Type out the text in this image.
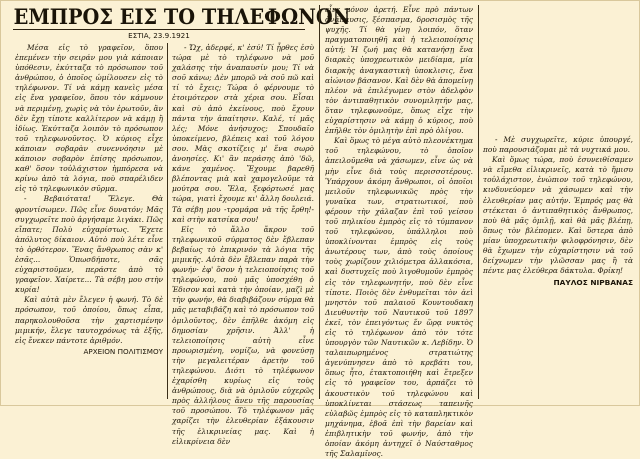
ΕΜΠΡΟΣ ΕΙΣ ΤΟ ΤΗΛΕΦΩΝΟΝ
ΕΣΤΙΑ, 23.9.1921

Μέσα εἰς τὸ γραφεῖον, ὅπου ἐπεμένεν τὴν σειράν μου γιὰ κάποιαν ὑπόθεσιν, ἐκύτταζα τὸ πρόσωπον τοῦ ἀνθρώπου, ὁ ὁποῖος ὡμίλουσεν εἰς τὸ τηλέφωνον. Τί νὰ κάμῃ κανεὶς μέσα εἰς ἕνα γραφεῖον, ὅπου τὸν κάμνουν νὰ περιμένῃ, χωρὶς νὰ τὸν ἐρωτοῦν, ἂν δὲν ἔχῃ τίποτε καλλίτερον νὰ κάμῃ ἢ ἰδίως. Ἐκύτταζα λοιπὸν τὸ πρόσωπον τοῦ τηλεφωνοῦντος. Ὁ κύριος εἶχε κάποιαν σοβαρὰν συνεννόησιν μὲ κάποιον σοβαρὸν ἐπίσης πρόσωπον, καθ' ὅσον τοὐλάχιστον ἠμπόρεσα νὰ κρίνω ἀπὸ τὰ λόγια, ποὺ σπαρέλιδεν εἰς τὸ τηλεφωνικὸν σῦρμα.

- Βεβαιότατα! Ἔλεγε. Θὰ φροντίσωμεν. Πῶς εἶνε δυνατόν; Μᾶς συγχωρεῖτε ποὺ ἀργήσαμε λιγάκι. Πῶς εἴπατε; Πολὺ εὐχαρίστως. Ἔχετε ἀπόλυτος δίκαιον. Αὐτὸ ποὺ λέτε εἶνε τὸ ὀρθότερον. Ἕνας ἄνθρωπος σὰν κ' ἐσᾶς... Ὁπωσδήποτε, σᾶς εὐχαριστοῦμεν, περάστε ἀπὸ τὸ γραφεῖον. Χαίρετε... Τὰ σέβη μου στὴν κυρία!

Καὶ αὐτὰ μὲν ἔλεγεν ἡ φωνή. Τὸ δὲ πρόσωπον, τοῦ ὁποίου, ὅπως εἶπα, παρηκολουθοῦσα τὴν χαρτισμένην μιμικήν, ἔλεγε ταυτοχρόνως τὰ ἑξῆς, εἰς ἔνεκεν πάντοτε ἀριθμόν.

ΑΡΧΕΙΟΝ ΠΟΛΙΤΙΣΜΟΥ

- Ὤχ, ἀδερφέ, κ' ἐσύ! Τί ᾖρθες ἐσὺ τώρα μὲ τὸ τηλέφωνο νὰ μοῦ χαλάσης τὴν ἀναπαυσίν μου; Τί νὰ σοῦ κάνω; Δὲν μπορῶ νὰ σοῦ πῶ καὶ τί τὸ ἔχεις; Τώρα ὁ φέρνουμε τὸ ἑτοιμότερον στὰ χέρια σου. Εἶσαι καὶ σὺ ἀπὸ ἐκείνους, ποὺ ἔχουν πάντα τὴν ἀπαίτησιν. Καλέ, τί μᾶς λές; Μόνε ἀνήσυχος; Σπουδαῖο ὑποκείμενο, βλέπεις καὶ τοῦ λόγου σου. Μὰς σκοτίζεις μ' ἕνα σωρὸ ἀνοησίες. Κι' ἂν περάσης ἀπὸ 'δῶ, κάνε χαμένος. Ἔχουμε βαρεθῆ βλέποντας μιὰ καὶ χαμογελοῦμε τὰ μούτρα σου. Ἔλα, ξεφόρτωσέ μας τώρα, γιατὶ ἔχουμε κι' ἄλλη δουλειά. Τὰ σέβη μου -τρομάρα νὰ τῆς ἔρθη!- καὶ στὴν κατσίκα σου!

Εἰς τὸ ἄλλο ἄκρον τοῦ τηλεφωνικοῦ σύρματος δὲν ἔβλεπαν βεβαίως τὸ ἐπικρινόν τὰ λόγια τῆς μιμικῆς. Αὐτὰ δὲν ἔβλεπαν παρὰ τὴν φωνήν· ἐφ' ὅσον ἡ τελειοποίησις τοῦ τηλεφώνου, ποὺ μᾶς ὑποσχέθη ὁ Ἐδισον καὶ κατὰ τὴν ὁποίαν, μαζὶ μὲ τὴν φωνήν, θὰ διαβιβάζουν σύρμα θὰ μᾶς μεταβιβάζη καὶ τὸ πρόσωπον τοῦ ὁμιλοῦντος, δὲν ἐπῆλθε ἀκόμη εἰς δημοσίαν χρῆσιν. Ἀλλ' ἡ τελειοποίησις αὐτὴ εἶνε προωρισμένη, νομίζω, νὰ φονεύσῃ τὴν μεγαλειτέραν ἀρετὴν τοῦ τηλεφώνου. Διότι τὸ τηλέφωνον ἐχαρίσθη κυρίως εἰς τοὺς ἀνθρώπους, διὰ νὰ ὁμιλοῦν εὐχερῶς πρὸς ἀλλήλους ἄνευ τῆς παρουσίας τοῦ προσώπου. Τὸ τηλέφωνον μᾶς χαρίζει τὴν ἐλευθερίαν ἐξάκουσιν τῆς ἐλικρινείας μας. Καὶ ἡ εἰλικρίνεια δὲν

εἶνε μόνον ἀρετή. Εἶνε πρὸ πάντων ἀνάπαυσις, ξέσπασμα, δροσισμὸς τῆς ψυχῆς. Τί θὰ γίνῃ λοιπόν, ὅταν πραγματοποιηθῆ καὶ ἡ τελειοποίησις αὐτή; Ἡ ζωή μας θὰ κατανήσῃ ἕνα διαρκὲς ὑποχρεωτικὸν μειδίαμα, μία διαρκὴς ἀναγκαστικὴ ὑποκλισις, ἕνα αἰώνιον βάσανον. Καὶ δὲν θὰ ἀπομείνῃ πλέον νὰ ἐπιλέγωμεν στὸν ἀδελφὸν τὸν ἀντιπαθητικὸν συνομιλητήν μας, ὅταν τηλεφωνοῦμε, ὅπως εἴχε τὴν εὐχαρίστησιν νὰ κάμῃ ὁ κύριος, ποὺ ἐπῆλθε τὸν ὁμιλητὴν ἐπὶ πρὸ ὀλίγου.

Καὶ ὅμως τὸ μέγα αὐτὸ πλεονέκτημα τοῦ τηλεφώνου, τὸ ὁποῖον ἀπειλοῦμεθα νὰ χάσωμεν, εἶνε ὡς νὰ μὴν εἶνε διὰ τοὺς περισσοτέρους. Ὑπάρχουν ἀκόμη ἄνθρωποι, οἱ ὁποῖοι μειλοῦν τηλεφωνικῶς πρὸς τὴν γυναῖκα των, στρατιωτικοί, ποὺ φέρουν τὴν χάλαζαν ἐπὶ τοῦ γείσου τοῦ πηλικίου ἐμπρὸς εἰς τὸ τύμπανον τοῦ τηλεφώνου, ὑπάλληλοι ποὺ ὑποκλίνονται ἐμπρὸς εἰς τοὺς ἀνωτέρους των, ἀπὸ τοὺς ὁποίους τοὺς χωρίζουν χιλιόμετρα ἀλλακόσια, καὶ δυστυχεῖς ποὺ λιγοθυμοῦν ἐμπρὸς εἰς τὸν τηλεφωνητήν, ποὺ δὲν εἶνε τίποτε. Ποιὸς δὲν ἐνθυμεῖται τὸν ἀεὶ μνηστὸν τοῦ παλαιοῦ Κουντουδακη Διευθυντὴν τοῦ Ναυτικοῦ τοῦ 1897 ἐκεῖ, τὸν ἐπειγόντως ἕν ὥρᾳ νυκτὸς εἰς τὸ τηλέφωνον ἀπὸ τὸν τότε ὑπουργὸν τῶν Ναυτικῶν κ. Λεβίδην. Ὁ ταλαιπωρημένος στρατιώτης ἀγενύπνησεν ἀπὸ τὸ κρεβάτι του, ὅπως ἦτο, ἐτακτοποιήθη καὶ ἔτρεξεν εἰς τὸ γραφεῖον του, ἀρπάζει τὸ ἀκουστικὸν τοῦ τηλεφώνου καὶ ὑποκλίνεται στάσεως ταπεινῆς εὐλαβῶς ἐμπρὸς εἰς τὸ καταπληκτικὸν μηχάνημα, ἐβοᾶ ἐπὶ τὴν βαρείαν καὶ ἐπιβλητικὴν τοῦ φωνήν, ἀπὸ τὴν ὁποίαν ἀκόμη ἀντηχεῖ ὁ Ναύσταθμος τῆς Σαλαμῖνος.

- Μὲ συγχωρεῖτε, κύριε ὑπουργέ, ποὺ παρουσιάζομαι μὲ τὰ νυχτικά μου.

Καὶ ὅμως τώρα, ποὺ ἐσυνειθίσαμεν νὰ εἴμεθα εἰλικρινεῖς, κατὰ τὸ ἥμισυ τοὐλάχιστον, ἐνώπιον τοῦ τηλεφώνου, κινδυνεύομεν νὰ χάσωμεν καὶ τὴν ἐλευθερίαν μας αὐτήν. Ἐμπρός μας θὰ στέκεται ὁ ἀντιπαθητικὸς ἄνθρωπος, ποὺ θὰ μᾶς ὁμιλῇ, καὶ θὰ μᾶς βλέπῃ, ὅπως τὸν βλέπομεν. Καὶ ὕστερα ἀπὸ μίαν ὑποχρεωτικὴν φιλοφρόνησιν, δὲν θὰ ἔχωμεν τὴν εὐχαρίστησιν νὰ τοῦ δείχνωμεν τὴν γλῶσσαν μας ἢ τὰ πέντε μας ἐλεύθερα δάκτυλα. Φρίκη!

ΠΑΥΛΟΣ ΝΙΡΒΑΝΑΣ
